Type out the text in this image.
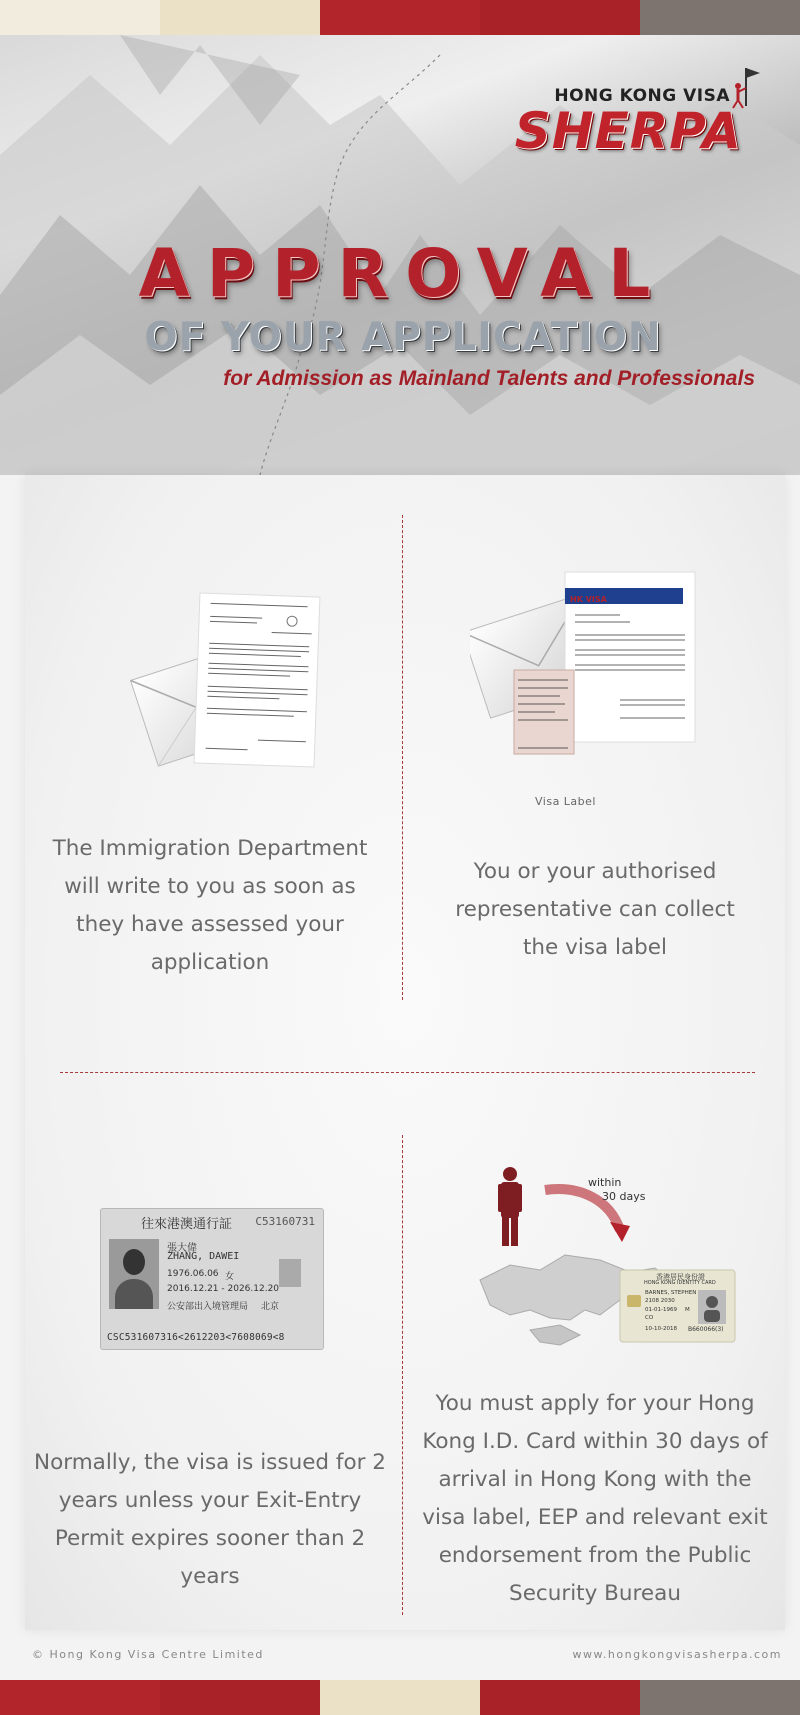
HONG KONG VISA
SHERPA
APPROVAL
OF YOUR APPLICATION
for Admission as Mainland Talents and Professionals
The Immigration Department will write to you as soon as they have assessed your application
HK VISA
Visa Label
You or your authorised representative can collect the visa label
往來港澳通行証 C53160731
張大偉
ZHANG, DAWEI
1976.06.06 女
2016.12.21 - 2026.12.20
公安部出入境管理局 北京
CSC531607316<2612203<7608069<8
Normally, the visa is issued for 2 years unless your Exit-Entry Permit expires sooner than 2 years
within
30 days
香港居民身份證
HONG KONG IDENTITY CARD
BARNES, STEPHEN
2108 2030
01-01-1969 M
CO
10-10-2018 B660066(3)
You must apply for your Hong Kong I.D. Card within 30 days of arrival in Hong Kong with the visa label, EEP and relevant exit endorsement from the Public Security Bureau
© Hong Kong Visa Centre Limited	www.hongkongvisasherpa.com
